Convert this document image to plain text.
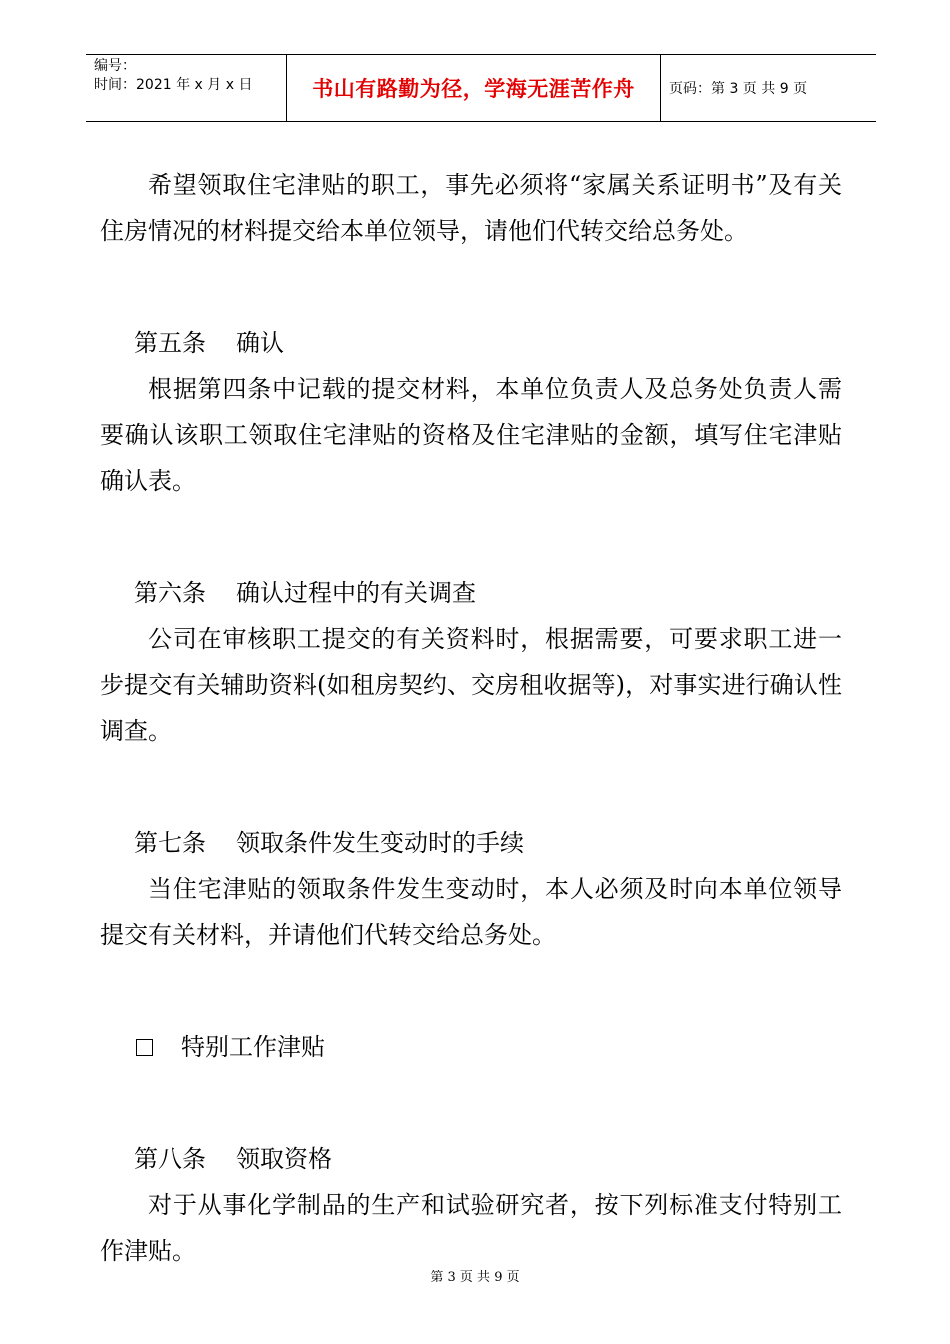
编号：
时间：2021 年 x 月 x 日	书山有路勤为径，学海无涯苦作舟	页码：第 3 页 共 9 页

希望领取住宅津贴的职工，事先必须将“家属关系证明书”及有关住房情况的材料提交给本单位领导，请他们代转交给总务处。

第五条 确认

根据第四条中记载的提交材料，本单位负责人及总务处负责人需要确认该职工领取住宅津贴的资格及住宅津贴的金额，填写住宅津贴确认表。

第六条 确认过程中的有关调查

公司在审核职工提交的有关资料时，根据需要，可要求职工进一步提交有关辅助资料(如租房契约、交房租收据等)，对事实进行确认性调查。

第七条 领取条件发生变动时的手续

当住宅津贴的领取条件发生变动时，本人必须及时向本单位领导提交有关材料，并请他们代转交给总务处。

特别工作津贴

第八条 领取资格

对于从事化学制品的生产和试验研究者，按下列标准支付特别工作津贴。

第 3 页 共 9 页
